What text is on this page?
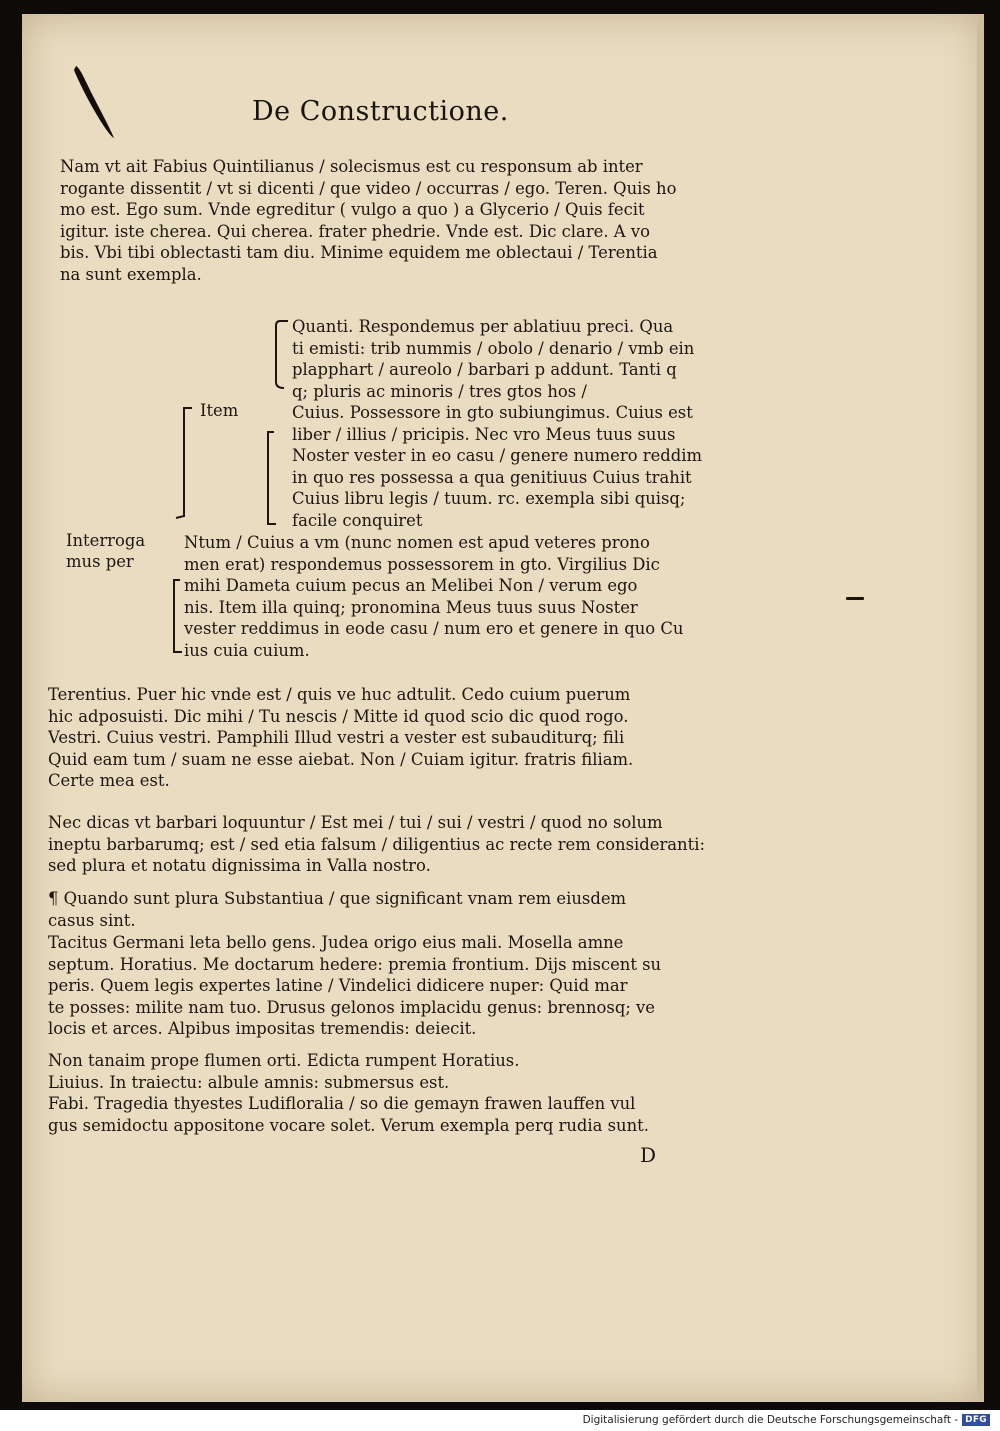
De Constructione.
Nam vt ait Fabius Quintilianus / solecismus est cu responsum ab inter
rogante dissentit / vt si dicenti / que video / occurras / ego. Teren. Quis ho
mo est. Ego sum. Vnde egreditur ( vulgo a quo ) a Glycerio / Quis fecit
igitur. iste cherea. Qui cherea. frater phedrie. Vnde est. Dic clare. A vo
bis. Vbi tibi oblectasti tam diu. Minime equidem me oblectaui / Terentia
na sunt exempla.
Item
Quanti. Respondemus per ablatiuu preci. Qua
ti emisti: trib nummis / obolo / denario / vmb ein
plapphart / aureolo / barbari p addunt. Tanti q
q; pluris ac minoris / tres gtos hos /
Cuius. Possessore in gto subiungimus. Cuius est
liber / illius / pricipis. Nec vro Meus tuus suus
Noster vester in eo casu / genere numero reddim
in quo res possessa a qua genitiuus Cuius trahit
Cuius libru legis / tuum. rc. exempla sibi quisq;
facile conquiret
Interroga
mus per
Ntum / Cuius a vm (nunc nomen est apud veteres prono
men erat) respondemus possessorem in gto. Virgilius Dic
mihi Dameta cuium pecus an Melibei Non / verum ego
nis. Item illa quinq; pronomina Meus tuus suus Noster
vester reddimus in eode casu / num ero et genere in quo Cu
ius cuia cuium.
Terentius. Puer hic vnde est / quis ve huc adtulit. Cedo cuium puerum
hic adposuisti. Dic mihi / Tu nescis / Mitte id quod scio dic quod rogo.
Vestri. Cuius vestri. Pamphili Illud vestri a vester est subauditurq; fili
Quid eam tum / suam ne esse aiebat. Non / Cuiam igitur. fratris filiam.
Certe mea est.
Nec dicas vt barbari loquuntur / Est mei / tui / sui / vestri / quod no solum
ineptu barbarumq; est / sed etia falsum / diligentius ac recte rem consideranti:
sed plura et notatu dignissima in Valla nostro.
¶ Quando sunt plura Substantiua / que significant vnam rem eiusdem
casus sint.
Tacitus Germani leta bello gens. Judea origo eius mali. Mosella amne
septum. Horatius. Me doctarum hedere: premia frontium. Dijs miscent su
peris. Quem legis expertes latine / Vindelici didicere nuper: Quid mar
te posses: milite nam tuo. Drusus gelonos implacidu genus: brennosq; ve
locis et arces. Alpibus impositas tremendis: deiecit.
Non tanaim prope flumen orti. Edicta rumpent Horatius.
Liuius. In traiectu: albule amnis: submersus est.
Fabi. Tragedia thyestes Ludifloralia / so die gemayn frawen lauffen vul
gus semidoctu appositone vocare solet. Verum exempla perq rudia sunt.
D
Digitalisierung gefördert durch die Deutsche Forschungsgemeinschaft - DFG
